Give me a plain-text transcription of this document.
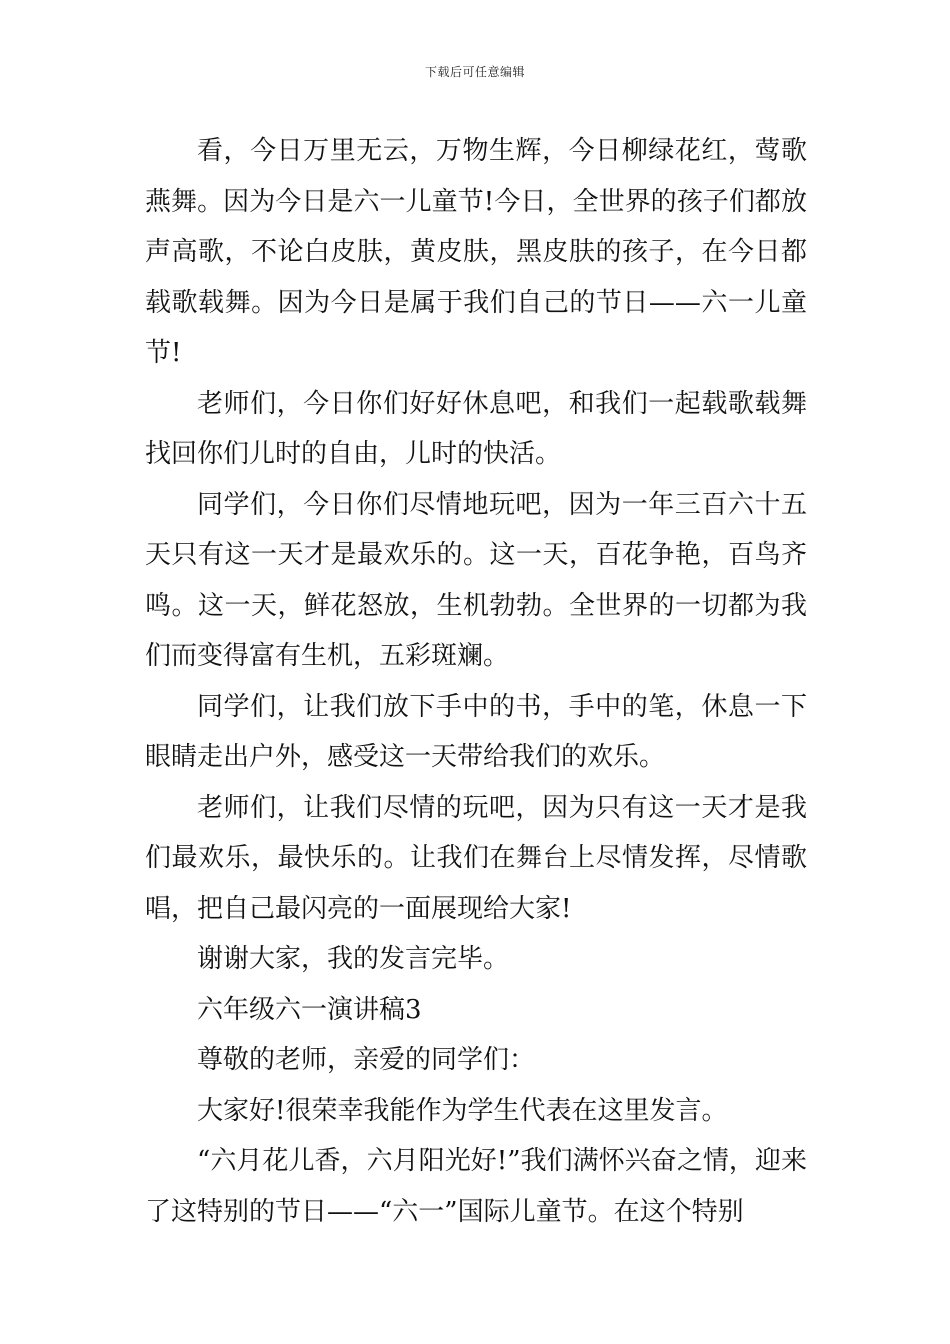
下载后可任意编辑

看，今日万里无云，万物生辉，今日柳绿花红，莺歌燕舞。因为今日是六一儿童节!今日，全世界的孩子们都放声高歌，不论白皮肤，黄皮肤，黑皮肤的孩子，在今日都载歌载舞。因为今日是属于我们自己的节日——六一儿童节!

老师们，今日你们好好休息吧，和我们一起载歌载舞找回你们儿时的自由，儿时的快活。

同学们，今日你们尽情地玩吧，因为一年三百六十五天只有这一天才是最欢乐的。这一天，百花争艳，百鸟齐鸣。这一天，鲜花怒放，生机勃勃。全世界的一切都为我们而变得富有生机，五彩斑斓。

同学们，让我们放下手中的书，手中的笔，休息一下眼睛走出户外，感受这一天带给我们的欢乐。

老师们，让我们尽情的玩吧，因为只有这一天才是我们最欢乐，最快乐的。让我们在舞台上尽情发挥，尽情歌唱，把自己最闪亮的一面展现给大家!

谢谢大家，我的发言完毕。

六年级六一演讲稿3

尊敬的老师，亲爱的同学们：

大家好!很荣幸我能作为学生代表在这里发言。

“六月花儿香，六月阳光好!”我们满怀兴奋之情，迎来了这特别的节日——“六一”国际儿童节。在这个特别
